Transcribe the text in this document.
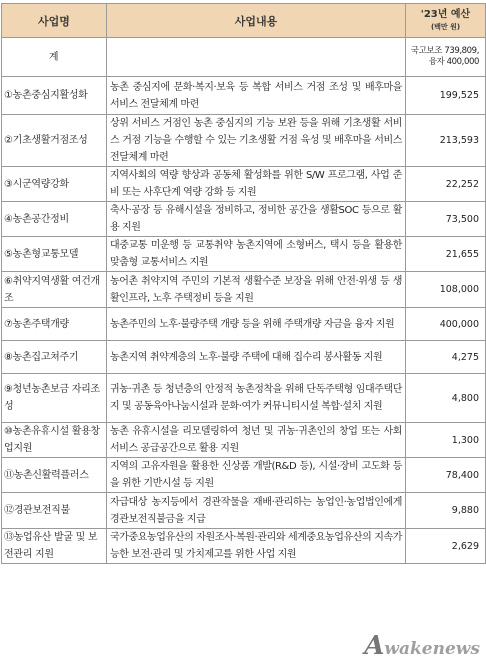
사업명	사업내용	'23년 예산
(백만 원)

계		국고보조 739,809,
융자 400,000
①농촌중심지활성화	농촌 중심지에 문화·복지·보육 등 복합 서비스 거점 조성 및 배후마을 서비스 전달체계 마련	199,525
②기초생활거점조성	상위 서비스 거점인 농촌 중심지의 기능 보완 등을 위해 기초생활 서비스 거점 기능을 수행할 수 있는 기초생활 거점 육성 및 배후마을 서비스 전달체계 마련	213,593
③시군역량강화	지역사회의 역량 향상과 공동체 활성화를 위한 S/W 프로그램, 사업 준비 또는 사후단계 역량 강화 등 지원	22,252
④농촌공간정비	축사·공장 등 유해시설을 정비하고, 정비한 공간을 생활SOC 등으로 활용 지원	73,500
⑤농촌형교통모델	대중교통 미운행 등 교통취약 농촌지역에 소형버스, 택시 등을 활용한 맞춤형 교통서비스 지원	21,655
⑥취약지역생활 여건개조	농어촌 취약지역 주민의 기본적 생활수준 보장을 위해 안전·위생 등 생활인프라, 노후 주택정비 등을 지원	108,000
⑦농촌주택개량	농촌주민의 노후·불량주택 개량 등을 위해 주택개량 자금을 융자 지원	400,000
⑧농촌집고쳐주기	농촌지역 취약계층의 노후·불량 주택에 대해 집수리 봉사활동 지원	4,275
⑨청년농촌보금 자리조성	귀농·귀촌 등 청년층의 안정적 농촌정착을 위해 단독주택형 임대주택단지 및 공동육아나눔시설과 문화·여가 커뮤니티시설 복합·설치 지원	4,800
⑩농촌유휴시설 활용창업지원	농촌 유휴시설을 리모델링하여 청년 및 귀농·귀촌인의 창업 또는 사회서비스 공급공간으로 활용 지원	1,300
⑪농촌신활력플러스	지역의 고유자원을 활용한 신상품 개발(R&D 등), 시설·장비 고도화 등을 위한 기반시설 등 지원	78,400
⑫경관보전직불	자급대상 농지등에서 경관작물을 재배·관리하는 농업인·농업법인에게 경관보전직불금을 지급	9,880
⑬농업유산 발굴 및 보전관리 지원	국가중요농업유산의 자원조사·복원·관리와 세계중요농업유산의 지속가능한 보전·관리 및 가치제고를 위한 사업 지원	2,629
Awakenews
